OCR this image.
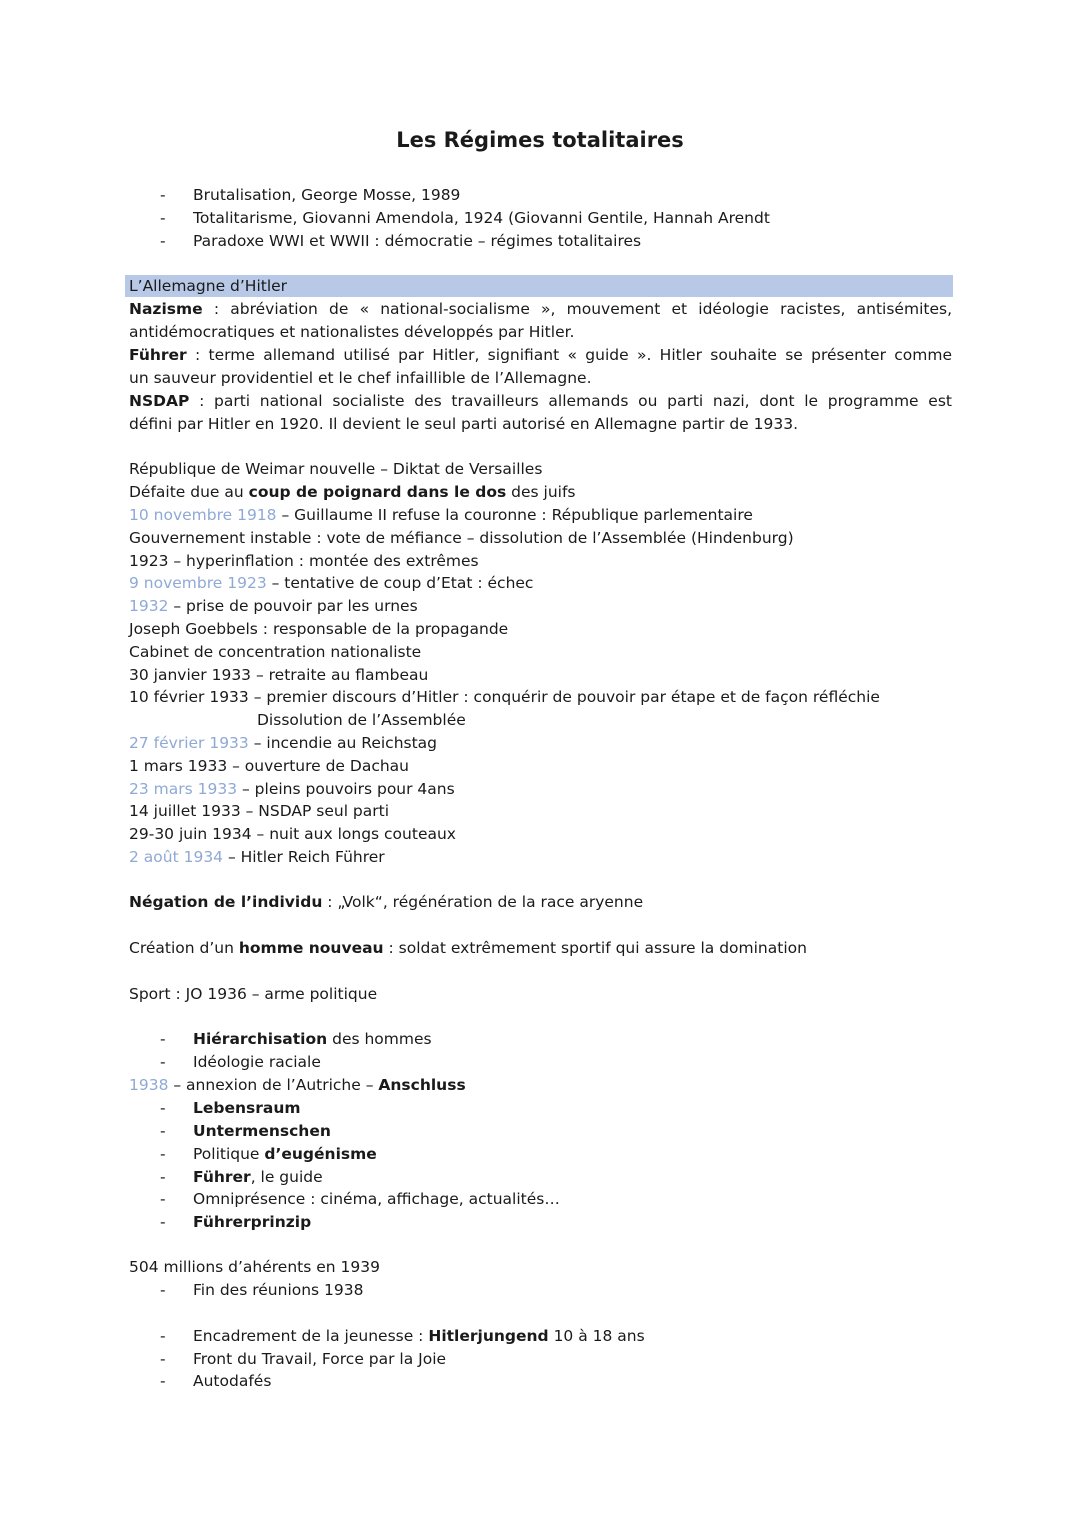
Les Régimes totalitaires
- Brutalisation, George Mosse, 1989
- Totalitarisme, Giovanni Amendola, 1924 (Giovanni Gentile, Hannah Arendt
- Paradoxe WWI et WWII : démocratie – régimes totalitaires
L’Allemagne d’Hitler
Nazisme : abréviation de « national-socialisme », mouvement et idéologie racistes, antisémites,
antidémocratiques et nationalistes développés par Hitler.
Führer : terme allemand utilisé par Hitler, signifiant « guide ». Hitler souhaite se présenter comme
un sauveur providentiel et le chef infaillible de l’Allemagne.
NSDAP : parti national socialiste des travailleurs allemands ou parti nazi, dont le programme est
défini par Hitler en 1920. Il devient le seul parti autorisé en Allemagne partir de 1933.
République de Weimar nouvelle – Diktat de Versailles
Défaite due au coup de poignard dans le dos des juifs
10 novembre 1918 – Guillaume II refuse la couronne : République parlementaire
Gouvernement instable : vote de méfiance – dissolution de l’Assemblée (Hindenburg)
1923 – hyperinflation : montée des extrêmes
9 novembre 1923 – tentative de coup d’Etat : échec
1932 – prise de pouvoir par les urnes
Joseph Goebbels : responsable de la propagande
Cabinet de concentration nationaliste
30 janvier 1933 – retraite au flambeau
10 février 1933 – premier discours d’Hitler : conquérir de pouvoir par étape et de façon réfléchie
Dissolution de l’Assemblée
27 février 1933 – incendie au Reichstag
1 mars 1933 – ouverture de Dachau
23 mars 1933 – pleins pouvoirs pour 4ans
14 juillet 1933 – NSDAP seul parti
29-30 juin 1934 – nuit aux longs couteaux
2 août 1934 – Hitler Reich Führer
Négation de l’individu : „Volk“, régénération de la race aryenne
Création d’un homme nouveau : soldat extrêmement sportif qui assure la domination
Sport : JO 1936 – arme politique
- Hiérarchisation des hommes
- Idéologie raciale
1938 – annexion de l’Autriche – Anschluss
- Lebensraum
- Untermenschen
- Politique d’eugénisme
- Führer, le guide
- Omniprésence : cinéma, affichage, actualités…
- Führerprinzip
504 millions d’ahérents en 1939
- Fin des réunions 1938
- Encadrement de la jeunesse : Hitlerjungend 10 à 18 ans
- Front du Travail, Force par la Joie
- Autodafés
